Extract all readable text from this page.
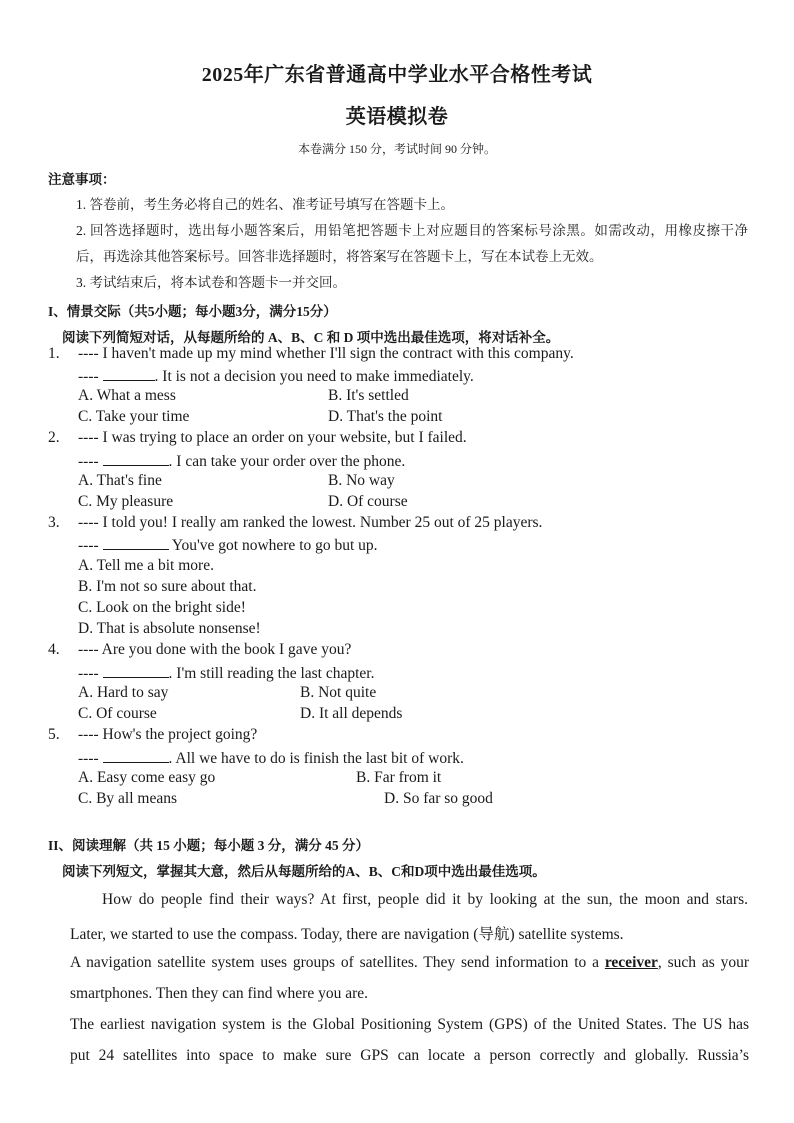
2025年广东省普通高中学业水平合格性考试
英语模拟卷
本卷满分 150 分，考试时间 90 分钟。
注意事项：
1. 答卷前，考生务必将自己的姓名、准考证号填写在答题卡上。
2. 回答选择题时，选出每小题答案后，用铅笔把答题卡上对应题目的答案标号涂黑。如需改动，用橡皮擦干净
后，再选涂其他答案标号。回答非选择题时，将答案写在答题卡上，写在本试卷上无效。
3. 考试结束后，将本试卷和答题卡一并交回。
I、情景交际（共5小题；每小题3分，满分15分）
阅读下列简短对话，从每题所给的 A、B、C 和 D 项中选出最佳选项，将对话补全。
1. ---- I haven't made up my mind whether I'll sign the contract with this company.
----	. It is not a decision you need to make immediately.
A. What a mess	B. It's settled
C. Take your time	D. That's the point
2. ---- I was trying to place an order on your website, but I failed.
----	. I can take your order over the phone.
A. That's fine	B. No way
C. My pleasure	D. Of course
3. ---- I told you! I really am ranked the lowest. Number 25 out of 25 players.
----	You've got nowhere to go but up.
A. Tell me a bit more.
B. I'm not so sure about that.
C. Look on the bright side!
D. That is absolute nonsense!
4. ---- Are you done with the book I gave you?
----	. I'm still reading the last chapter.
A. Hard to say	B. Not quite
C. Of course	D. It all depends
5. ---- How's the project going?
----	. All we have to do is finish the last bit of work.
A. Easy come easy go	B. Far from it
C. By all means	D. So far so good
II、阅读理解（共 15 小题；每小题 3 分，满分 45 分）
阅读下列短文，掌握其大意，然后从每题所给的A、B、C和D项中选出最佳选项。
How do people find their ways? At first, people did it by looking at the sun, the moon and stars.
Later, we started to use the compass. Today, there are navigation (导航) satellite systems.
A navigation satellite system uses groups of satellites. They send information to a receiver, such as your
smartphones. Then they can find where you are.
The earliest navigation system is the Global Positioning System (GPS) of the United States. The US has
put 24 satellites into space to make sure GPS can locate a person correctly and globally. Russia’s
